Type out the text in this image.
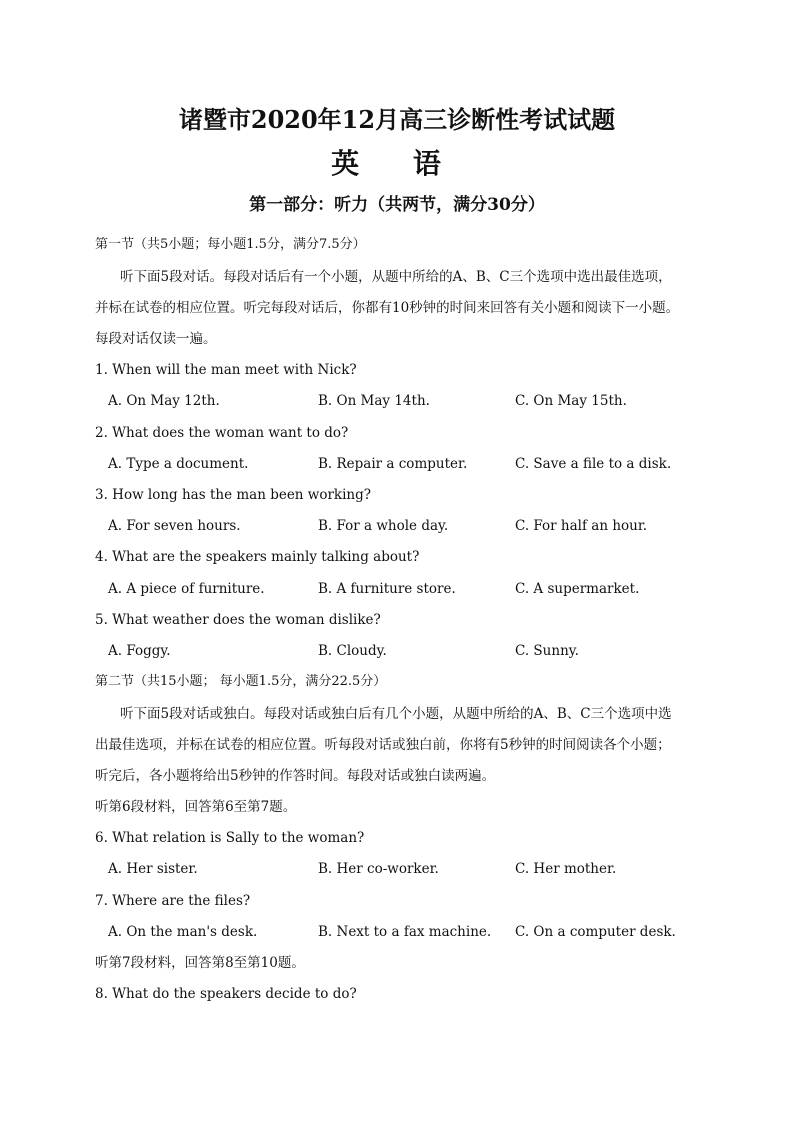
诸暨市2020年12月高三诊断性考试试题
英 语
第一部分：听力（共两节，满分30分）
第一节（共5小题；每小题1.5分，满分7.5分）
听下面5段对话。每段对话后有一个小题，从题中所给的A、B、C三个选项中选出最佳选项，
并标在试卷的相应位置。听完每段对话后，你都有10秒钟的时间来回答有关小题和阅读下一小题。
每段对话仅读一遍。
1. When will the man meet with Nick?
A. On May 12th.	B. On May 14th.	C. On May 15th.
2. What does the woman want to do?
A. Type a document.	B. Repair a computer.	C. Save a file to a disk.
3. How long has the man been working?
A. For seven hours.	B. For a whole day.	C. For half an hour.
4. What are the speakers mainly talking about?
A. A piece of furniture.	B. A furniture store.	C. A supermarket.
5. What weather does the woman dislike?
A. Foggy.	B. Cloudy.	C. Sunny.
第二节（共15小题； 每小题1.5分，满分22.5分）
听下面5段对话或独白。每段对话或独白后有几个小题，从题中所给的A、B、C三个选项中选
出最佳选项，并标在试卷的相应位置。听每段对话或独白前，你将有5秒钟的时间阅读各个小题；
听完后，各小题将给出5秒钟的作答时间。每段对话或独白读两遍。
听第6段材料，回答第6至第7题。
6. What relation is Sally to the woman?
A. Her sister.	B. Her co-worker.	C. Her mother.
7. Where are the files?
A. On the man's desk.	B. Next to a fax machine. C. On a computer desk.
听第7段材料，回答第8至第10题。
8. What do the speakers decide to do?
